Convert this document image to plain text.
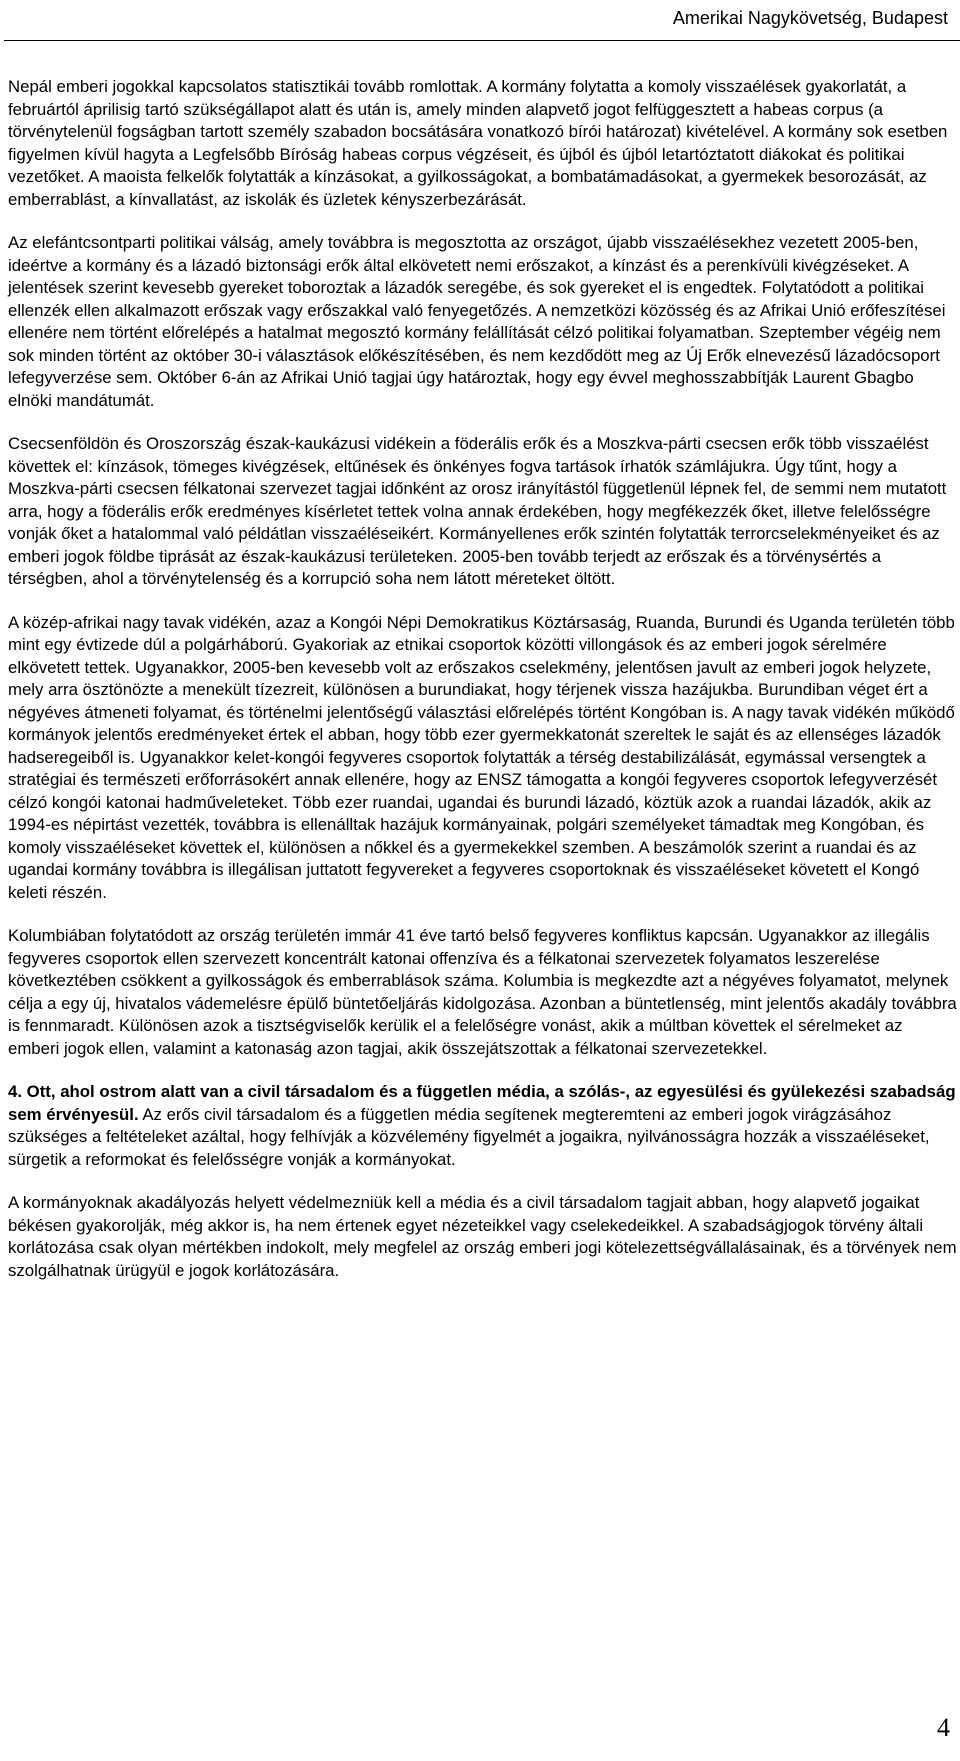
Amerikai Nagykövetség, Budapest

Nepál emberi jogokkal kapcsolatos statisztikái tovább romlottak. A kormány folytatta a komoly visszaélések gyakorlatát, a februártól áprilisig tartó szükségállapot alatt és után is, amely minden alapvető jogot felfüggesztett a habeas corpus (a törvénytelenül fogságban tartott személy szabadon bocsátására vonatkozó bírói határozat) kivételével. A kormány sok esetben figyelmen kívül hagyta a Legfelsőbb Bíróság habeas corpus végzéseit, és újból és újból letartóztatott diákokat és politikai vezetőket. A maoista felkelők folytatták a kínzásokat, a gyilkosságokat, a bombatámadásokat, a gyermekek besorozását, az emberrablást, a kínvallatást, az iskolák és üzletek kényszerbezárását.

Az elefántcsontparti politikai válság, amely továbbra is megosztotta az országot, újabb visszaélésekhez vezetett 2005-ben, ideértve a kormány és a lázadó biztonsági erők által elkövetett nemi erőszakot, a kínzást és a perenkívüli kivégzéseket. A jelentések szerint kevesebb gyereket toboroztak a lázadók seregébe, és sok gyereket el is engedtek. Folytatódott a politikai ellenzék ellen alkalmazott erőszak vagy erőszakkal való fenyegetőzés. A nemzetközi közösség és az Afrikai Unió erőfeszítései ellenére nem történt előrelépés a hatalmat megosztó kormány felállítását célzó politikai folyamatban. Szeptember végéig nem sok minden történt az október 30-i választások előkészítésében, és nem kezdődött meg az Új Erők elnevezésű lázadócsoport lefegyverzése sem. Október 6-án az Afrikai Unió tagjai úgy határoztak, hogy egy évvel meghosszabbítják Laurent Gbagbo elnöki mandátumát.

Csecsenföldön és Oroszország észak-kaukázusi vidékein a föderális erők és a Moszkva-párti csecsen erők több visszaélést követtek el: kínzások, tömeges kivégzések, eltűnések és önkényes fogva tartások írhatók számlájukra. Úgy tűnt, hogy a Moszkva-párti csecsen félkatonai szervezet tagjai időnként az orosz irányítástól függetlenül lépnek fel, de semmi nem mutatott arra, hogy a föderális erők eredményes kísérletet tettek volna annak érdekében, hogy megfékezzék őket, illetve felelősségre vonják őket a hatalommal való példátlan visszaéléseikért. Kormányellenes erők szintén folytatták terrorcselekményeiket és az emberi jogok földbe tiprását az észak-kaukázusi területeken. 2005-ben tovább terjedt az erőszak és a törvénysértés a térségben, ahol a törvénytelenség és a korrupció soha nem látott méreteket öltött.

A közép-afrikai nagy tavak vidékén, azaz a Kongói Népi Demokratikus Köztársaság, Ruanda, Burundi és Uganda területén több mint egy évtizede dúl a polgárháború. Gyakoriak az etnikai csoportok közötti villongások és az emberi jogok sérelmére elkövetett tettek. Ugyanakkor, 2005-ben kevesebb volt az erőszakos cselekmény, jelentősen javult az emberi jogok helyzete, mely arra ösztönözte a menekült tízezreit, különösen a burundiakat, hogy térjenek vissza hazájukba. Burundiban véget ért a négyéves átmeneti folyamat, és történelmi jelentőségű választási előrelépés történt Kongóban is. A nagy tavak vidékén működő kormányok jelentős eredményeket értek el abban, hogy több ezer gyermekkatonát szereltek le saját és az ellenséges lázadók hadseregeiből is. Ugyanakkor kelet-kongói fegyveres csoportok folytatták a térség destabilizálását, egymással versengtek a stratégiai és természeti erőforrásokért annak ellenére, hogy az ENSZ támogatta a kongói fegyveres csoportok lefegyverzését célzó kongói katonai hadműveleteket. Több ezer ruandai, ugandai és burundi lázadó, köztük azok a ruandai lázadók, akik az 1994-es népirtást vezették, továbbra is ellenálltak hazájuk kormányainak, polgári személyeket támadtak meg Kongóban, és komoly visszaéléseket követtek el, különösen a nőkkel és a gyermekekkel szemben. A beszámolók szerint a ruandai és az ugandai kormány továbbra is illegálisan juttatott fegyvereket a fegyveres csoportoknak és visszaéléseket követett el Kongó keleti részén.

Kolumbiában folytatódott az ország területén immár 41 éve tartó belső fegyveres konfliktus kapcsán. Ugyanakkor az illegális fegyveres csoportok ellen szervezett koncentrált katonai offenzíva és a félkatonai szervezetek folyamatos leszerelése következtében csökkent a gyilkosságok és emberrablások száma. Kolumbia is megkezdte azt a négyéves folyamatot, melynek célja a egy új, hivatalos vádemelésre épülő büntetőeljárás kidolgozása. Azonban a büntetlenség, mint jelentős akadály továbbra is fennmaradt. Különösen azok a tisztségviselők kerülik el a felelőségre vonást, akik a múltban követtek el sérelmeket az emberi jogok ellen, valamint a katonaság azon tagjai, akik összejátszottak a félkatonai szervezetekkel.

4. Ott, ahol ostrom alatt van a civil társadalom és a független média, a szólás-, az egyesülési és gyülekezési szabadság sem érvényesül. Az erős civil társadalom és a független média segítenek megteremteni az emberi jogok virágzásához szükséges a feltételeket azáltal, hogy felhívják a közvélemény figyelmét a jogaikra, nyilvánosságra hozzák a visszaéléseket, sürgetik a reformokat és felelősségre vonják a kormányokat.

A kormányoknak akadályozás helyett védelmezniük kell a média és a civil társadalom tagjait abban, hogy alapvető jogaikat békésen gyakorolják, még akkor is, ha nem értenek egyet nézeteikkel vagy cselekedeikkel. A szabadságjogok törvény általi korlátozása csak olyan mértékben indokolt, mely megfelel az ország emberi jogi kötelezettségvállalásainak, és a törvények nem szolgálhatnak ürügyül e jogok korlátozására.

4
